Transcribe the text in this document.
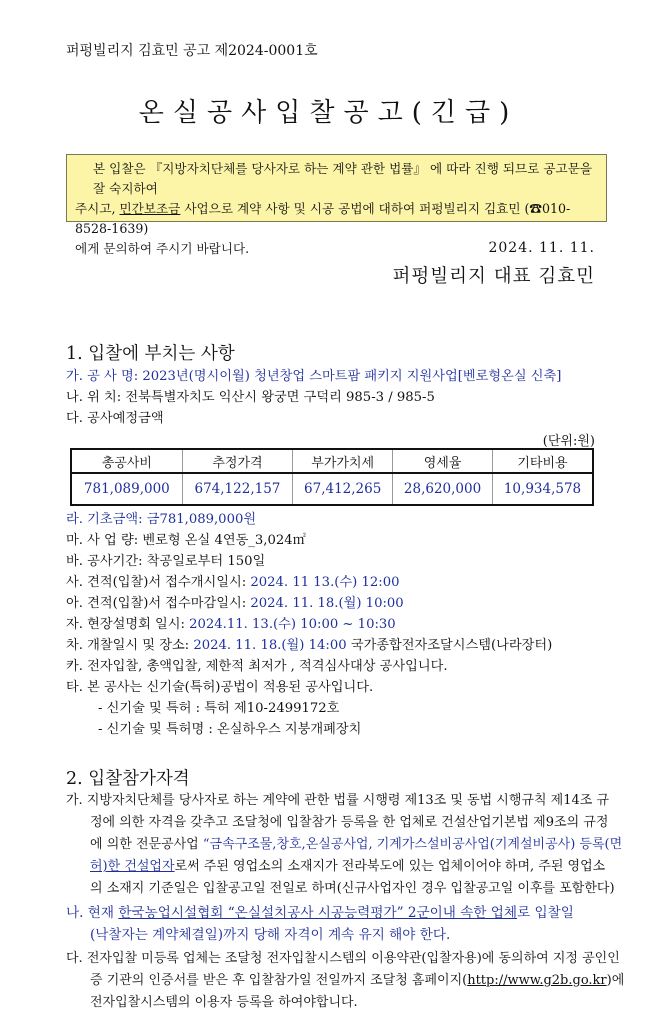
퍼펑빌리지 김효민 공고 제2024-0001호
온실공사입찰공고(긴급)
본 입찰은 『지방자치단체를 당사자로 하는 계약 관한 법률』 에 따라 진행 되므로 공고문을 잘 숙지하여
주시고, 민간보조금 사업으로 계약 사항 및 시공 공법에 대하여 퍼펑빌리지 김효민 (☎010-8528-1639)
에게 문의하여 주시기 바랍니다.	2024. 11. 11.
퍼펑빌리지 대표 김효민
1. 입찰에 부치는 사항
가. 공 사 명: 2023년(명시이월) 청년창업 스마트팜 패키지 지원사업[벤로형온실 신축]
나. 위 치: 전북특별자치도 익산시 왕궁면 구덕리 985-3 / 985-5
다. 공사예정금액
(단위:원)
총공사비	추정가격	부가가치세	영세율	기타비용
781,089,000	674,122,157	67,412,265	28,620,000	10,934,578
라. 기초금액: 금781,089,000원
마. 사 업 량: 벤로형 온실 4연동_3,024㎡
바. 공사기간: 착공일로부터 150일
사. 견적(입찰)서 접수개시일시: 2024. 11 13.(수) 12:00
아. 견적(입찰)서 접수마감일시: 2024. 11. 18.(월) 10:00
자. 현장설명회 일시: 2024.11. 13.(수) 10:00 ~ 10:30
차. 개찰일시 및 장소: 2024. 11. 18.(월) 14:00 국가종합전자조달시스템(나라장터)
카. 전자입찰, 총액입찰, 제한적 최저가 , 적격심사대상 공사입니다.
타. 본 공사는 신기술(특허)공법이 적용된 공사입니다.
- 신기술 및 특허 : 특허 제10-2499172호
- 신기술 및 특허명 : 온실하우스 지붕개폐장치
2. 입찰참가자격
가. 지방자치단체를 당사자로 하는 계약에 관한 법률 시행령 제13조 및 동법 시행규칙 제14조 규
정에 의한 자격을 갖추고 조달청에 입찰참가 등록을 한 업체로 건설산업기본법 제9조의 규정
에 의한 전문공사업 “금속구조물,창호,온실공사업, 기계가스설비공사업(기계설비공사) 등록(면
허)한 건설업자로써 주된 영업소의 소재지가 전라북도에 있는 업체이어야 하며, 주된 영업소
의 소재지 기준일은 입찰공고일 전일로 하며(신규사업자인 경우 입찰공고일 이후를 포함한다)
나. 현재 한국농업시설협회 “온실설치공사 시공능력평가” 2군이내 속한 업체로 입찰일
(낙찰자는 계약체결일)까지 당해 자격이 계속 유지 해야 한다.
다. 전자입찰 미등록 업체는 조달청 전자입찰시스템의 이용약관(입찰자용)에 동의하여 지정 공인인
증 기관의 인증서를 받은 후 입찰참가일 전일까지 조달청 홈페이지(http://www.g2b.go.kr)에
전자입찰시스템의 이용자 등록을 하여야합니다.
